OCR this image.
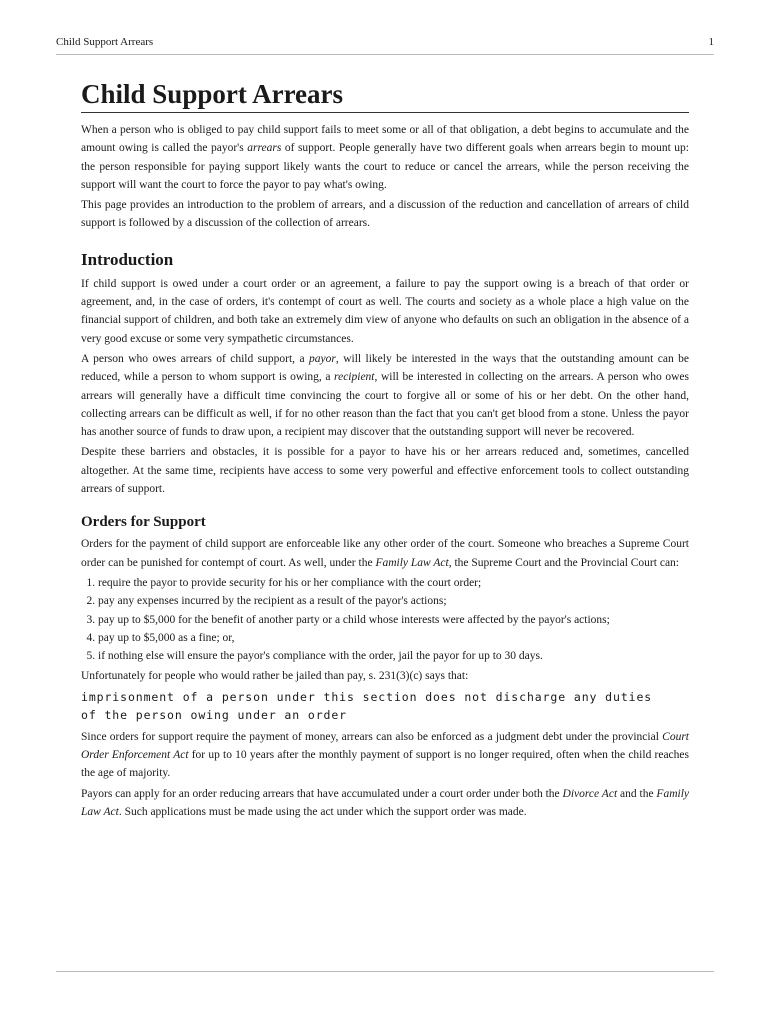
Child Support Arrears	1
Child Support Arrears

When a person who is obliged to pay child support fails to meet some or all of that obligation, a debt begins to accumulate and the amount owing is called the payor's arrears of support. People generally have two different goals when arrears begin to mount up: the person responsible for paying support likely wants the court to reduce or cancel the arrears, while the person receiving the support will want the court to force the payor to pay what's owing.

This page provides an introduction to the problem of arrears, and a discussion of the reduction and cancellation of arrears of child support is followed by a discussion of the collection of arrears.

Introduction

If child support is owed under a court order or an agreement, a failure to pay the support owing is a breach of that order or agreement, and, in the case of orders, it's contempt of court as well. The courts and society as a whole place a high value on the financial support of children, and both take an extremely dim view of anyone who defaults on such an obligation in the absence of a very good excuse or some very sympathetic circumstances.

A person who owes arrears of child support, a payor, will likely be interested in the ways that the outstanding amount can be reduced, while a person to whom support is owing, a recipient, will be interested in collecting on the arrears. A person who owes arrears will generally have a difficult time convincing the court to forgive all or some of his or her debt. On the other hand, collecting arrears can be difficult as well, if for no other reason than the fact that you can't get blood from a stone. Unless the payor has another source of funds to draw upon, a recipient may discover that the outstanding support will never be recovered.

Despite these barriers and obstacles, it is possible for a payor to have his or her arrears reduced and, sometimes, cancelled altogether. At the same time, recipients have access to some very powerful and effective enforcement tools to collect outstanding arrears of support.

Orders for Support

Orders for the payment of child support are enforceable like any other order of the court. Someone who breaches a Supreme Court order can be punished for contempt of court. As well, under the Family Law Act, the Supreme Court and the Provincial Court can:

1. require the payor to provide security for his or her compliance with the court order;
2. pay any expenses incurred by the recipient as a result of the payor's actions;
3. pay up to $5,000 for the benefit of another party or a child whose interests were affected by the payor's actions;
4. pay up to $5,000 as a fine; or,
5. if nothing else will ensure the payor's compliance with the order, jail the payor for up to 30 days.

Unfortunately for people who would rather be jailed than pay, s. 231(3)(c) says that:

imprisonment of a person under this section does not discharge any duties
of the person owing under an order

Since orders for support require the payment of money, arrears can also be enforced as a judgment debt under the provincial Court Order Enforcement Act for up to 10 years after the monthly payment of support is no longer required, often when the child reaches the age of majority.

Payors can apply for an order reducing arrears that have accumulated under a court order under both the Divorce Act and the Family Law Act. Such applications must be made using the act under which the support order was made.
